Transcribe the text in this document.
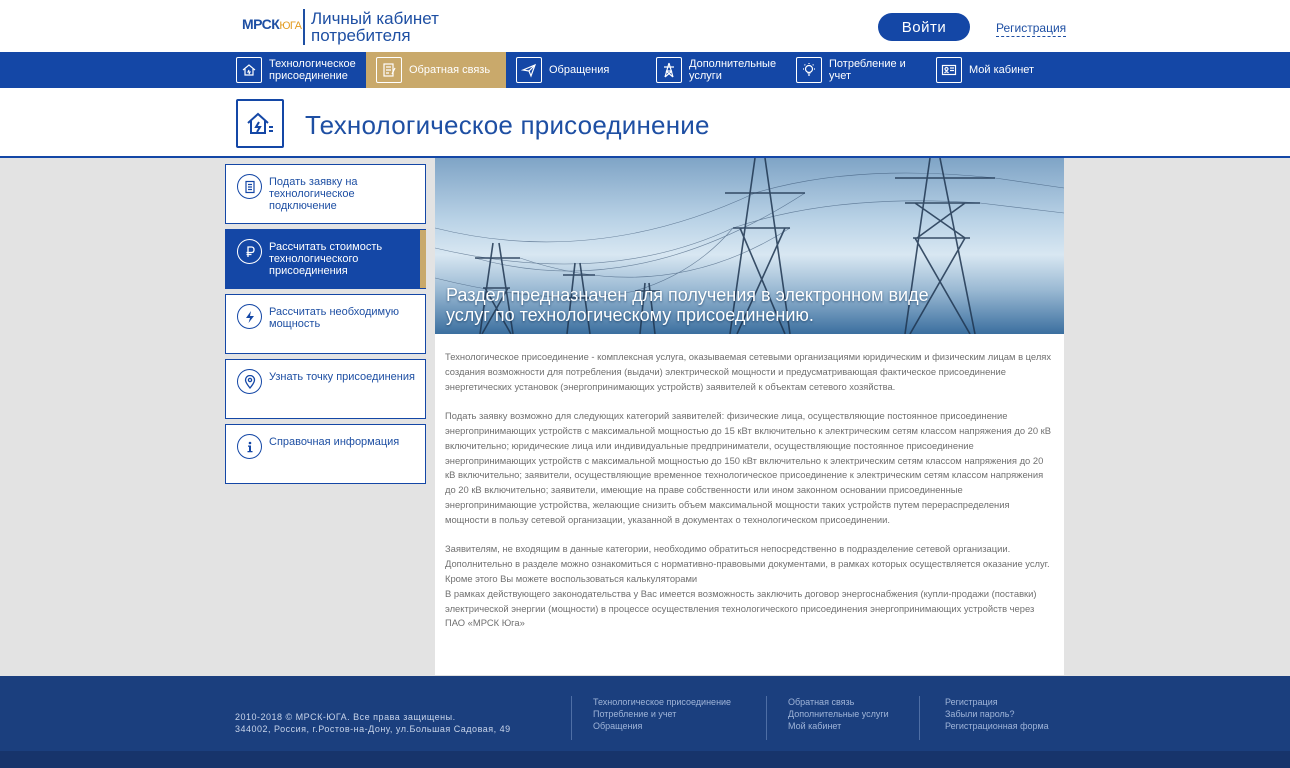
МРСКЮГА Личный кабинет потребителя	Войти	Регистрация
Технологическое присоединение	Обратная связь	Обращения	Дополнительные услуги
Потребление и учет	Мой кабинет
Технологическое присоединение
Подать заявку на технологическое подключение
Рассчитать стоимость технологического присоединения
Рассчитать необходимую мощность
Узнать точку присоединения
Справочная информация
Раздел предназначен для получения в электронном виде услуг по технологическому присоединению.

Технологическое присоединение - комплексная услуга, оказываемая сетевыми организациями юридическим и физическим лицам в целях создания возможности для потребления (выдачи) электрической мощности и предусматривающая фактическое присоединение энергетических установок (энергопринимающих устройств) заявителей к объектам сетевого хозяйства.

Подать заявку возможно для следующих категорий заявителей: физические лица, осуществляющие постоянное присоединение энергопринимающих устройств с максимальной мощностью до 15 кВт включительно к электрическим сетям классом напряжения до 20 кВ включительно; юридические лица или индивидуальные предприниматели, осуществляющие постоянное присоединение энергопринимающих устройств с максимальной мощностью до 150 кВт включительно к электрическим сетям классом напряжения до 20 кВ включительно; заявители, осуществляющие временное технологическое присоединение к электрическим сетям классом напряжения до 20 кВ включительно; заявители, имеющие на праве собственности или ином законном основании присоединенные энергопринимающие устройства, желающие снизить объем максимальной мощности таких устройств путем перераспределения мощности в пользу сетевой организации, указанной в документах о технологическом присоединении.

Заявителям, не входящим в данные категории, необходимо обратиться непосредственно в подразделение сетевой организации. Дополнительно в разделе можно ознакомиться с нормативно-правовыми документами, в рамках которых осуществляется оказание услуг. Кроме этого Вы можете воспользоваться калькуляторами

В рамках действующего законодательства у Вас имеется возможность заключить договор энергоснабжения (купли-продажи (поставки) электрической энергии (мощности) в процессе осуществления технологического присоединения энергопринимающих устройств через ПАО «МРСК Юга»

2010-2018 © МРСК-ЮГА. Все права защищены.
344002, Россия, г.Ростов-на-Дону, ул.Большая Садовая, 49
Технологическое присоединение
Потребление и учет
Обращения
Обратная связь
Дополнительные услуги
Мой кабинет
Регистрация
Забыли пароль?
Регистрационная форма
